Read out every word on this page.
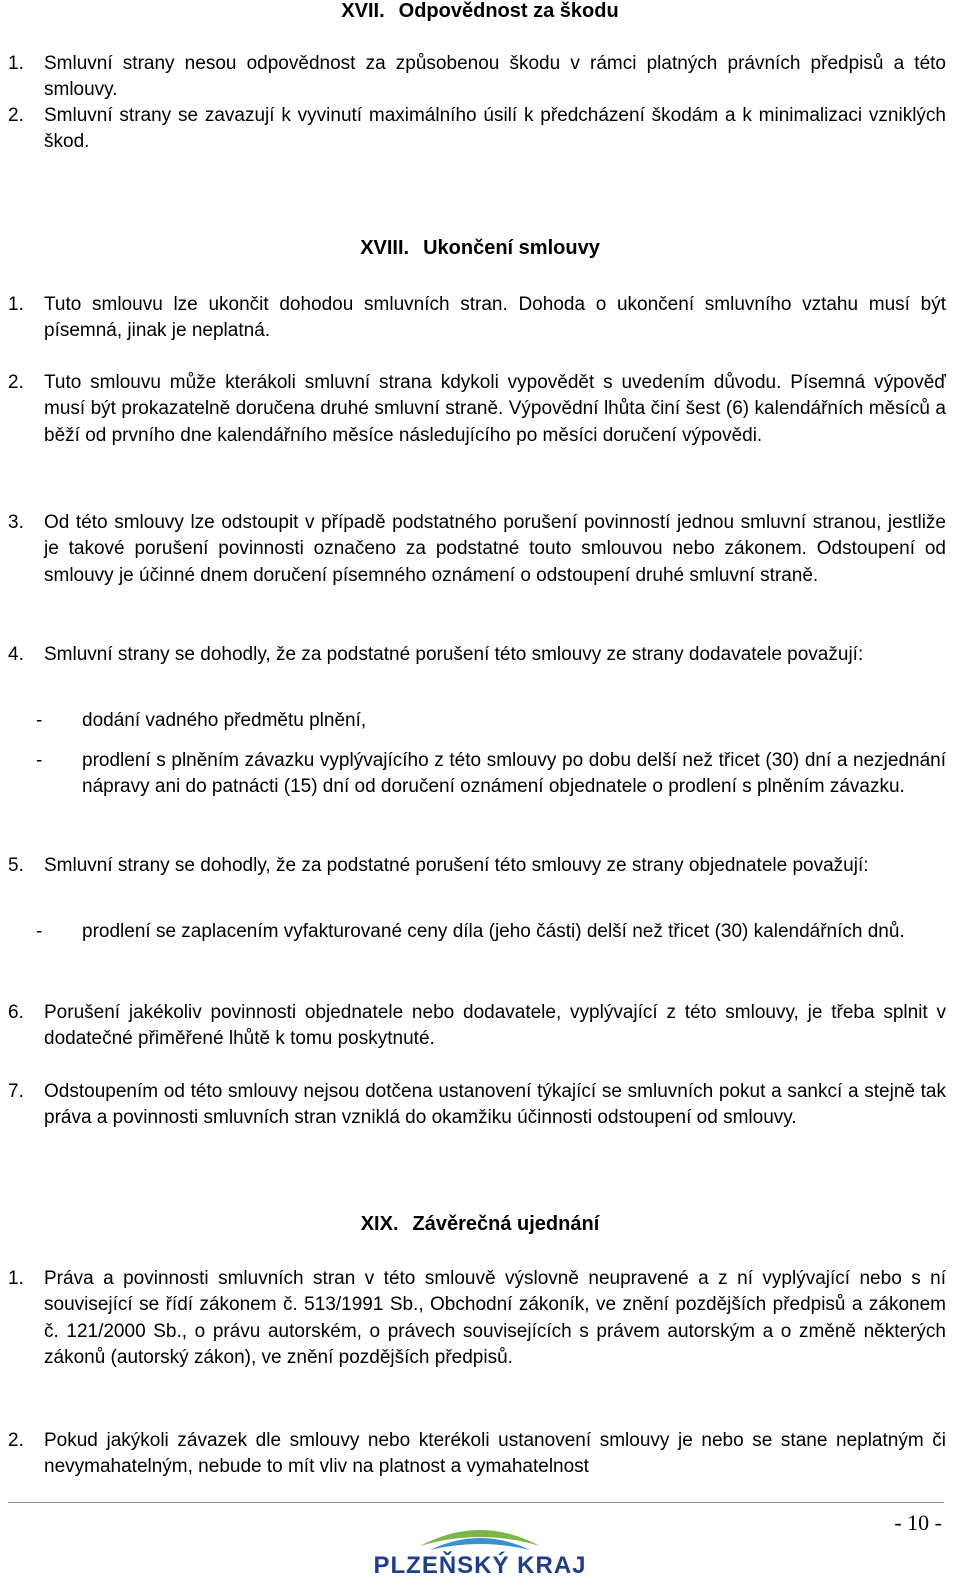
XVII. Odpovědnost za škodu
1.	Smluvní strany nesou odpovědnost za způsobenou škodu v rámci platných právních předpisů a této smlouvy.
2.	Smluvní strany se zavazují k vyvinutí maximálního úsilí k předcházení škodám a k minimalizaci vzniklých škod.
XVIII. Ukončení smlouvy
1.	Tuto smlouvu lze ukončit dohodou smluvních stran. Dohoda o ukončení smluvního vztahu musí být písemná, jinak je neplatná.
2.	Tuto smlouvu může kterákoli smluvní strana kdykoli vypovědět s uvedením důvodu. Písemná výpověď musí být prokazatelně doručena druhé smluvní straně. Výpovědní lhůta činí šest (6) kalendářních měsíců a běží od prvního dne kalendářního měsíce následujícího po měsíci doručení výpovědi.
3.	Od této smlouvy lze odstoupit v případě podstatného porušení povinností jednou smluvní stranou, jestliže je takové porušení povinnosti označeno za podstatné touto smlouvou nebo zákonem. Odstoupení od smlouvy je účinné dnem doručení písemného oznámení o odstoupení druhé smluvní straně.
4.	Smluvní strany se dohodly, že za podstatné porušení této smlouvy ze strany dodavatele považují:
- dodání vadného předmětu plnění,
- prodlení s plněním závazku vyplývajícího z této smlouvy po dobu delší než třicet (30) dní a nezjednání nápravy ani do patnácti (15) dní od doručení oznámení objednatele o prodlení s plněním závazku.
5.	Smluvní strany se dohodly, že za podstatné porušení této smlouvy ze strany objednatele považují:
- prodlení se zaplacením vyfakturované ceny díla (jeho části) delší než třicet (30) kalendářních dnů.
6.	Porušení jakékoliv povinnosti objednatele nebo dodavatele, vyplývající z této smlouvy, je třeba splnit v dodatečné přiměřené lhůtě k tomu poskytnuté.
7.	Odstoupením od této smlouvy nejsou dotčena ustanovení týkající se smluvních pokut a sankcí a stejně tak práva a povinnosti smluvních stran vzniklá do okamžiku účinnosti odstoupení od smlouvy.
XIX. Závěrečná ujednání
1.	Práva a povinnosti smluvních stran v této smlouvě výslovně neupravené a z ní vyplývající nebo s ní související se řídí zákonem č. 513/1991 Sb., Obchodní zákoník, ve znění pozdějších předpisů a zákonem č. 121/2000 Sb., o právu autorském, o právech souvisejících s právem autorským a o změně některých zákonů (autorský zákon), ve znění pozdějších předpisů.
2.	Pokud jakýkoli závazek dle smlouvy nebo kterékoli ustanovení smlouvy je nebo se stane neplatným či nevymahatelným, nebude to mít vliv na platnost a vymahatelnost
- 10 -
PLZEŇSKÝ KRAJ
